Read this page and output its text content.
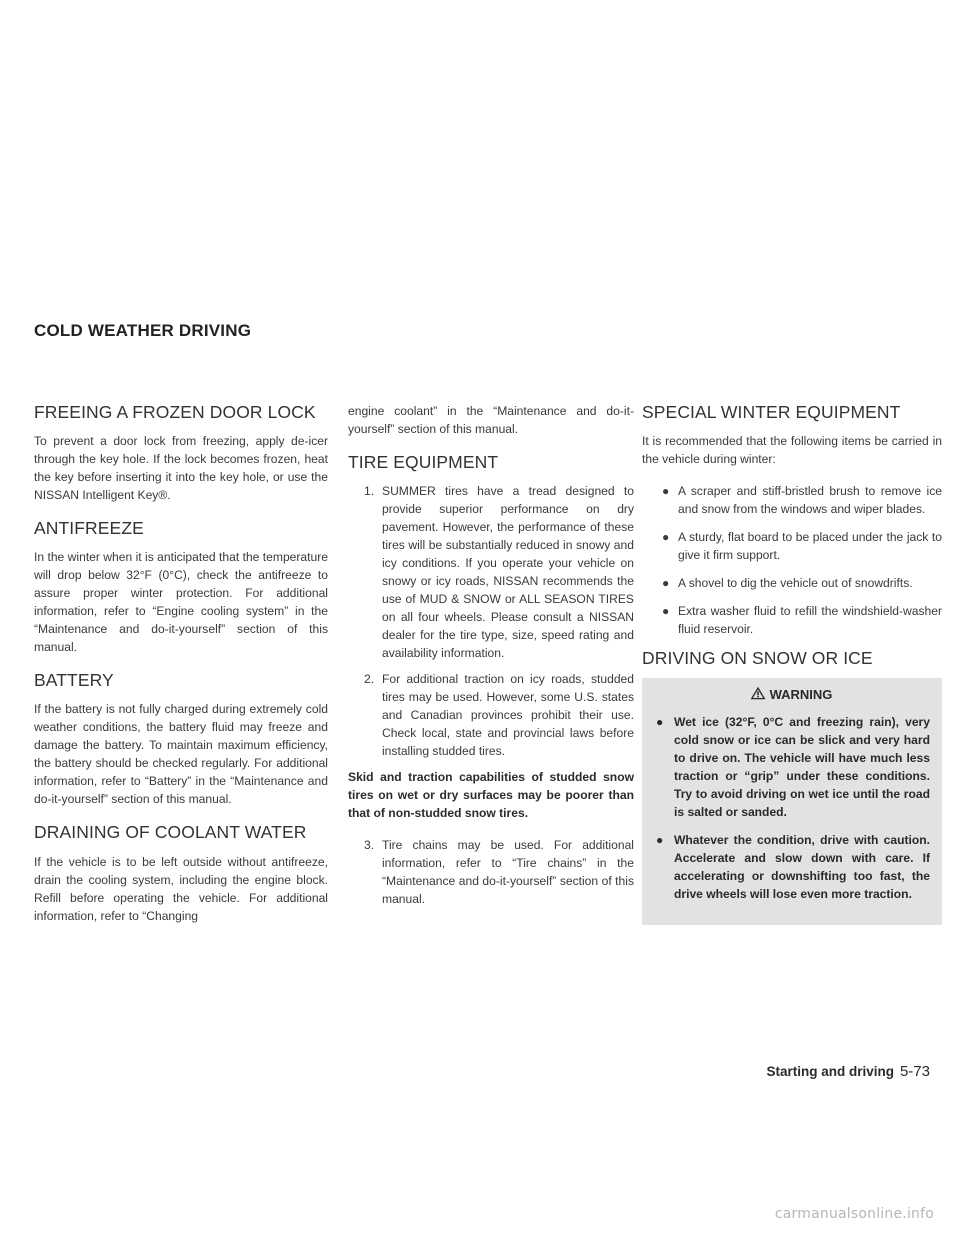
COLD WEATHER DRIVING
FREEING A FROZEN DOOR LOCK

To prevent a door lock from freezing, apply de-icer through the key hole. If the lock becomes frozen, heat the key before inserting it into the key hole, or use the NISSAN Intelligent Key®.

ANTIFREEZE

In the winter when it is anticipated that the temperature will drop below 32°F (0°C), check the antifreeze to assure proper winter protection. For additional information, refer to “Engine cooling system” in the “Maintenance and do-it-yourself” section of this manual.

BATTERY

If the battery is not fully charged during extremely cold weather conditions, the battery fluid may freeze and damage the battery. To maintain maximum efficiency, the battery should be checked regularly. For additional information, refer to “Battery” in the “Maintenance and do-it-yourself” section of this manual.

DRAINING OF COOLANT WATER

If the vehicle is to be left outside without antifreeze, drain the cooling system, including the engine block. Refill before operating the vehicle. For additional information, refer to “Changing

engine coolant” in the “Maintenance and do-it-yourself” section of this manual.

TIRE EQUIPMENT
1. SUMMER tires have a tread designed to provide superior performance on dry pavement. However, the performance of these tires will be substantially reduced in snowy and icy conditions. If you operate your vehicle on snowy or icy roads, NISSAN recommends the use of MUD & SNOW or ALL SEASON TIRES on all four wheels. Please consult a NISSAN dealer for the tire type, size, speed rating and availability information.
2. For additional traction on icy roads, studded tires may be used. However, some U.S. states and Canadian provinces prohibit their use. Check local, state and provincial laws before installing studded tires.

Skid and traction capabilities of studded snow tires on wet or dry surfaces may be poorer than that of non-studded snow tires.

3. Tire chains may be used. For additional information, refer to “Tire chains” in the “Maintenance and do-it-yourself” section of this manual.
SPECIAL WINTER EQUIPMENT

It is recommended that the following items be carried in the vehicle during winter:

● A scraper and stiff-bristled brush to remove ice and snow from the windows and wiper blades.
● A sturdy, flat board to be placed under the jack to give it firm support.
● A shovel to dig the vehicle out of snowdrifts.
● Extra washer fluid to refill the windshield-washer fluid reservoir.
DRIVING ON SNOW OR ICE
WARNING
● Wet ice (32°F, 0°C and freezing rain), very cold snow or ice can be slick and very hard to drive on. The vehicle will have much less traction or “grip” under these conditions. Try to avoid driving on wet ice until the road is salted or sanded.
● Whatever the condition, drive with caution. Accelerate and slow down with care. If accelerating or downshifting too fast, the drive wheels will lose even more traction.
Starting and driving 5-73
carmanualsonline.info
